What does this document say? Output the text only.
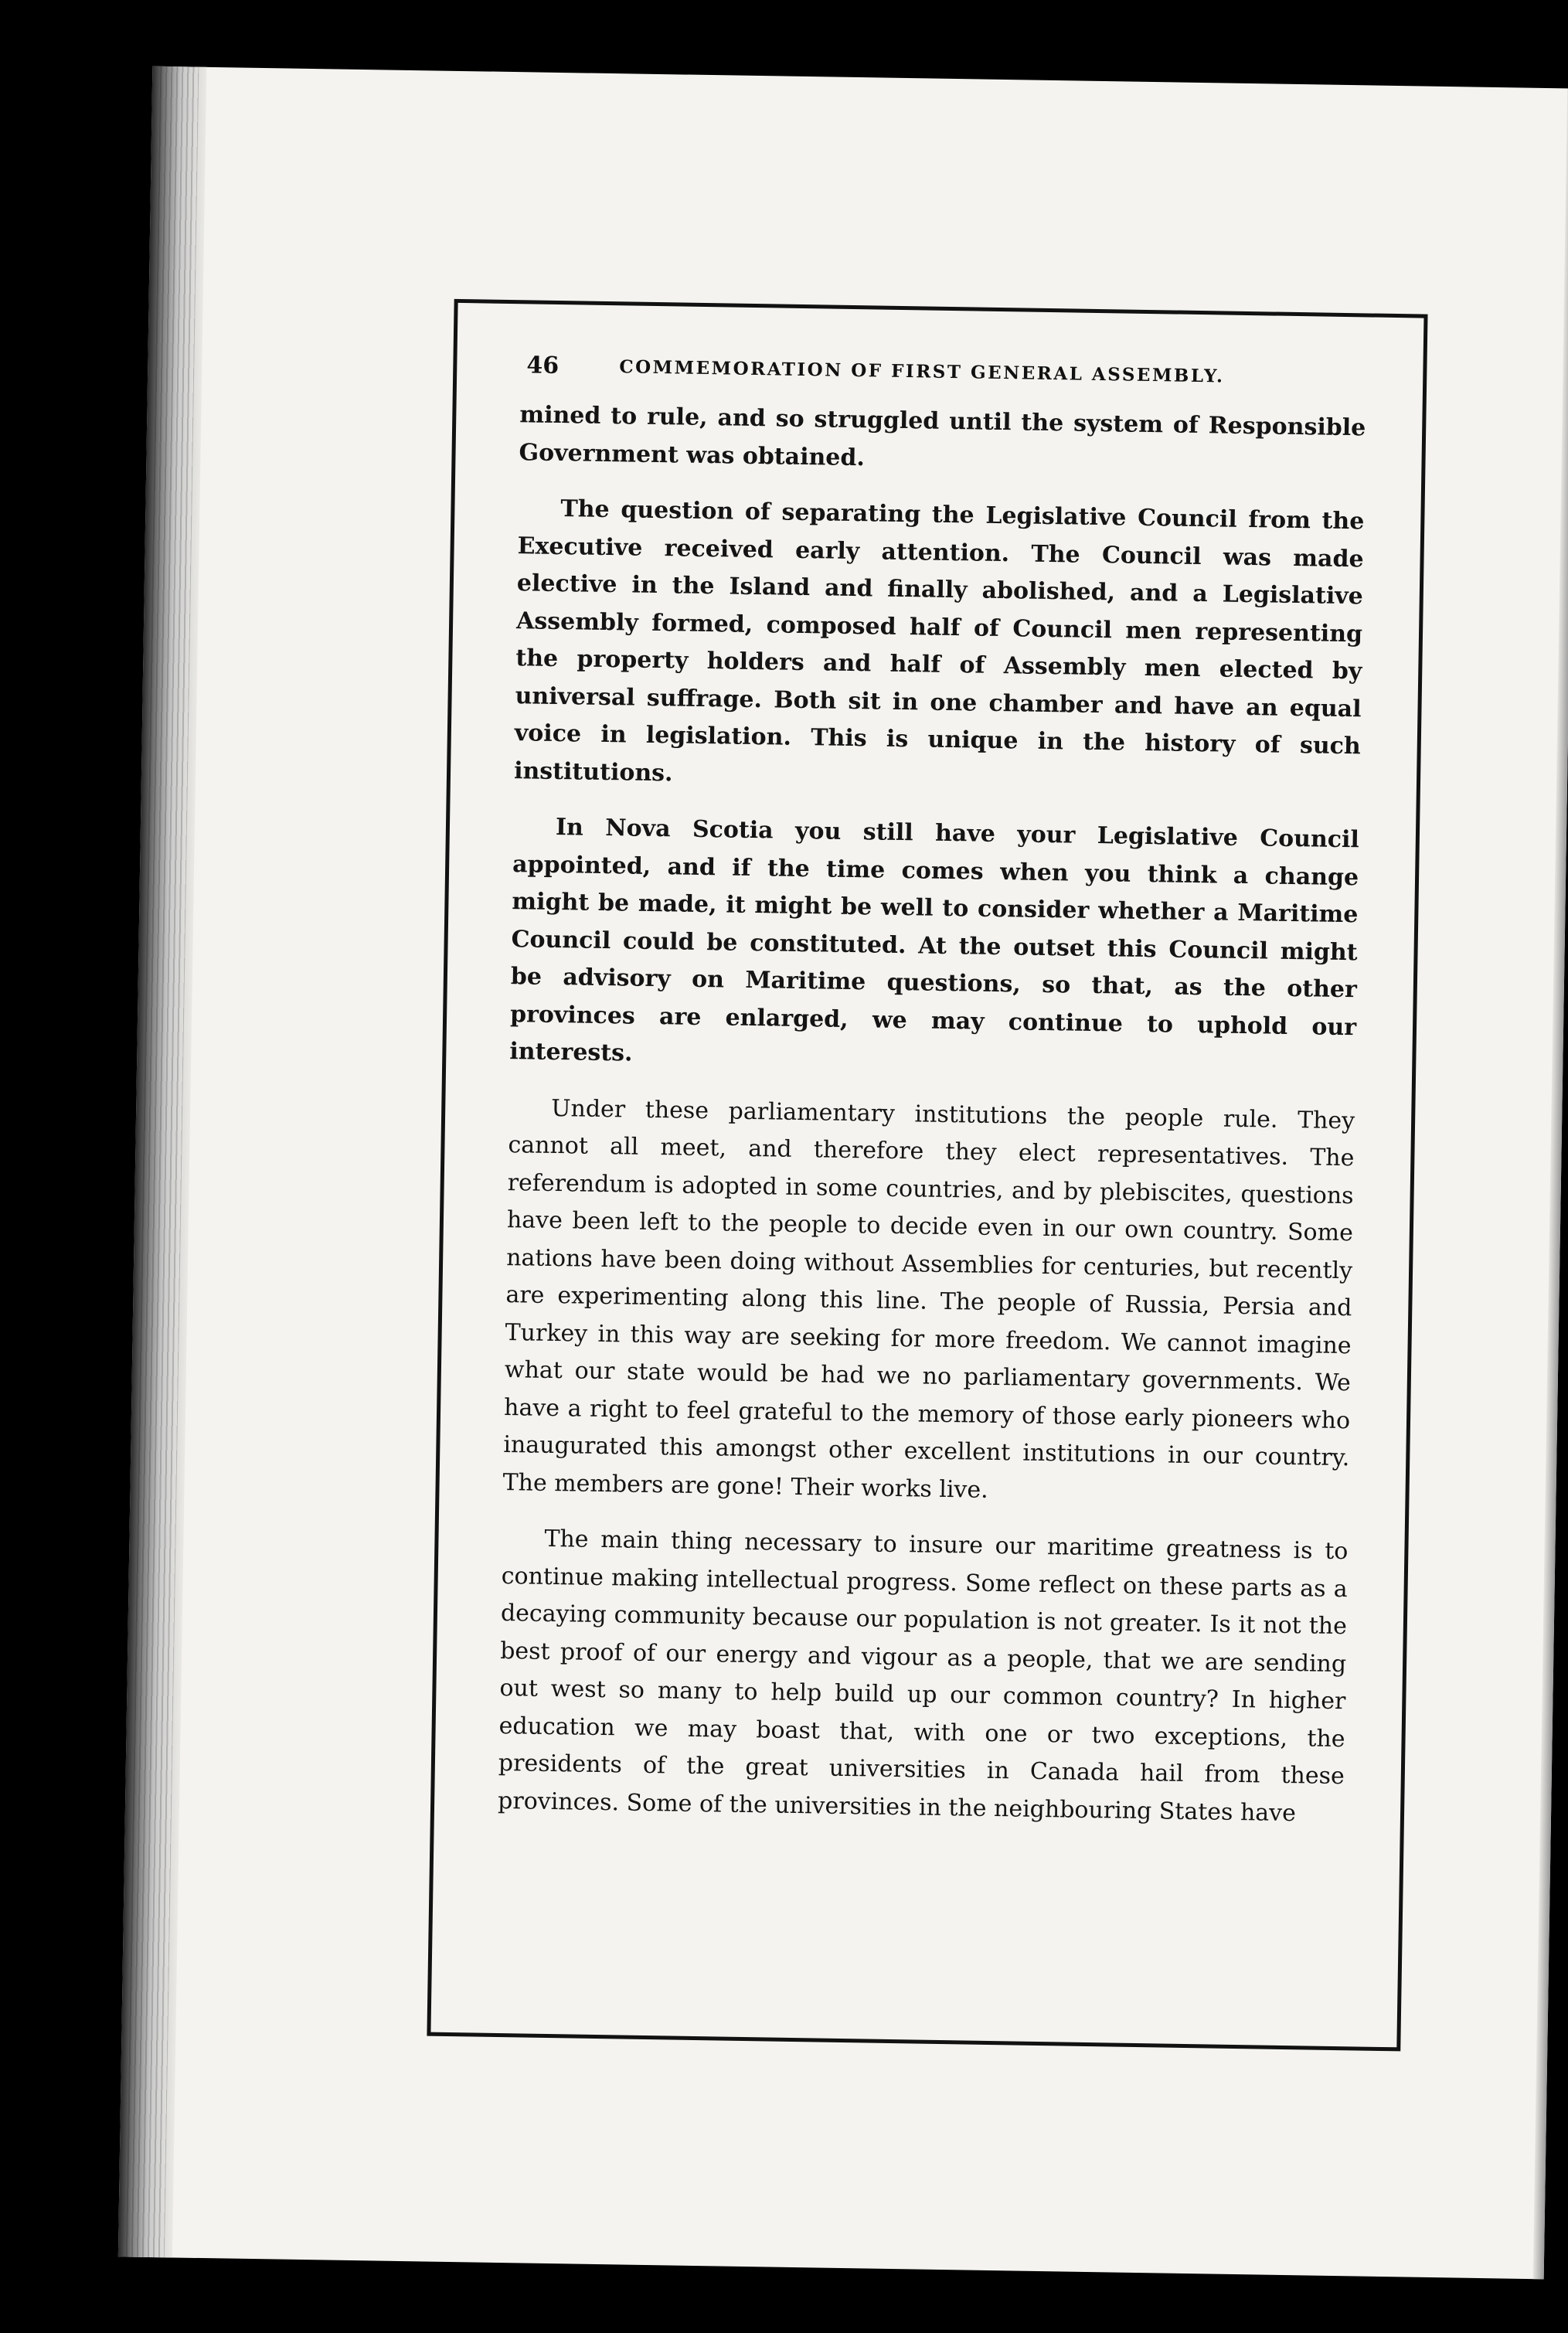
46	COMMEMORATION OF FIRST GENERAL ASSEMBLY.

mined to rule, and so struggled until the system of Responsible Government was obtained.

The question of separating the Legislative Council from the Executive received early attention. The Council was made elective in the Island and finally abolished, and a Legislative Assembly formed, composed half of Council men representing the property holders and half of Assembly men elected by universal suffrage. Both sit in one chamber and have an equal voice in legislation. This is unique in the history of such institutions.

In Nova Scotia you still have your Legislative Council appointed, and if the time comes when you think a change might be made, it might be well to consider whether a Maritime Council could be constituted. At the outset this Council might be advisory on Maritime questions, so that, as the other provinces are enlarged, we may continue to uphold our interests.

Under these parliamentary institutions the people rule. They cannot all meet, and therefore they elect representatives. The referendum is adopted in some countries, and by plebiscites, questions have been left to the people to decide even in our own country. Some nations have been doing without Assemblies for centuries, but recently are experimenting along this line. The people of Russia, Persia and Turkey in this way are seeking for more freedom. We cannot imagine what our state would be had we no parliamentary governments. We have a right to feel grateful to the memory of those early pioneers who inaugurated this amongst other excellent institutions in our country. The members are gone! Their works live.

The main thing necessary to insure our maritime greatness is to continue making intellectual progress. Some reflect on these parts as a decaying community because our population is not greater. Is it not the best proof of our energy and vigour as a people, that we are sending out west so many to help build up our common country? In higher education we may boast that, with one or two exceptions, the presidents of the great universities in Canada hail from these provinces. Some of the universities in the neighbouring States have
